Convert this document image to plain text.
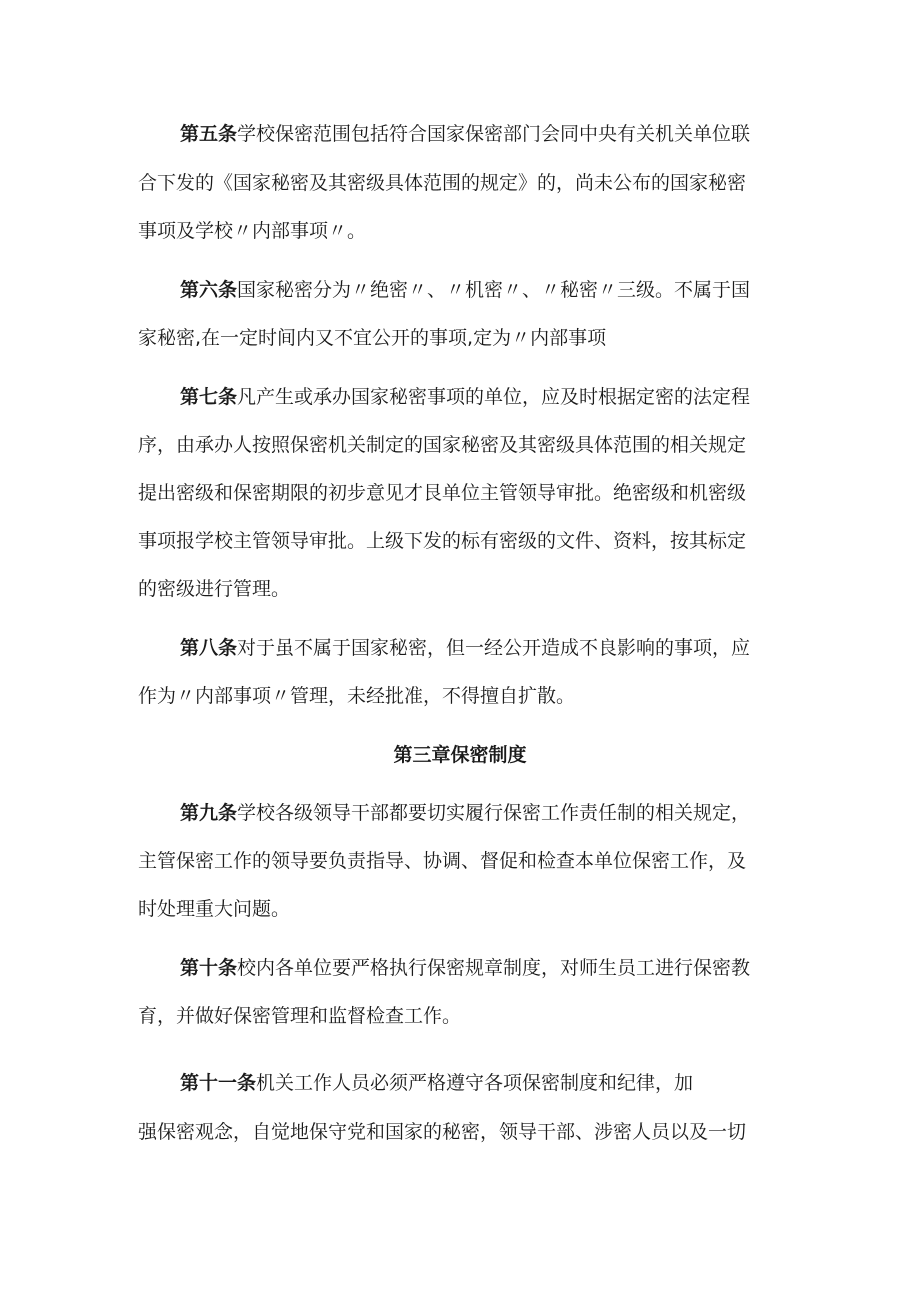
第五条学校保密范围包括符合国家保密部门会同中央有关机关单位联
合下发的《国家秘密及其密级具体范围的规定》的，尚未公布的国家秘密
事项及学校〃内部事项〃。
第六条国家秘密分为〃绝密〃、〃机密〃、〃秘密〃三级。不属于国
家秘密,在一定时间内又不宜公开的事项,定为〃内部事项
第七条凡产生或承办国家秘密事项的单位，应及时根据定密的法定程
序，由承办人按照保密机关制定的国家秘密及其密级具体范围的相关规定
提出密级和保密期限的初步意见才艮单位主管领导审批。绝密级和机密级
事项报学校主管领导审批。上级下发的标有密级的文件、资料，按其标定
的密级进行管理。
第八条对于虽不属于国家秘密，但一经公开造成不良影响的事项，应
作为〃内部事项〃管理，未经批准，不得擅自扩散。
第三章保密制度
第九条学校各级领导干部都要切实履行保密工作责任制的相关规定，
主管保密工作的领导要负责指导、协调、督促和检查本单位保密工作，及
时处理重大问题。
第十条校内各单位要严格执行保密规章制度，对师生员工进行保密教
育，并做好保密管理和监督检查工作。
第十一条机关工作人员必须严格遵守各项保密制度和纪律，加
强保密观念，自觉地保守党和国家的秘密，领导干部、涉密人员以及一切
